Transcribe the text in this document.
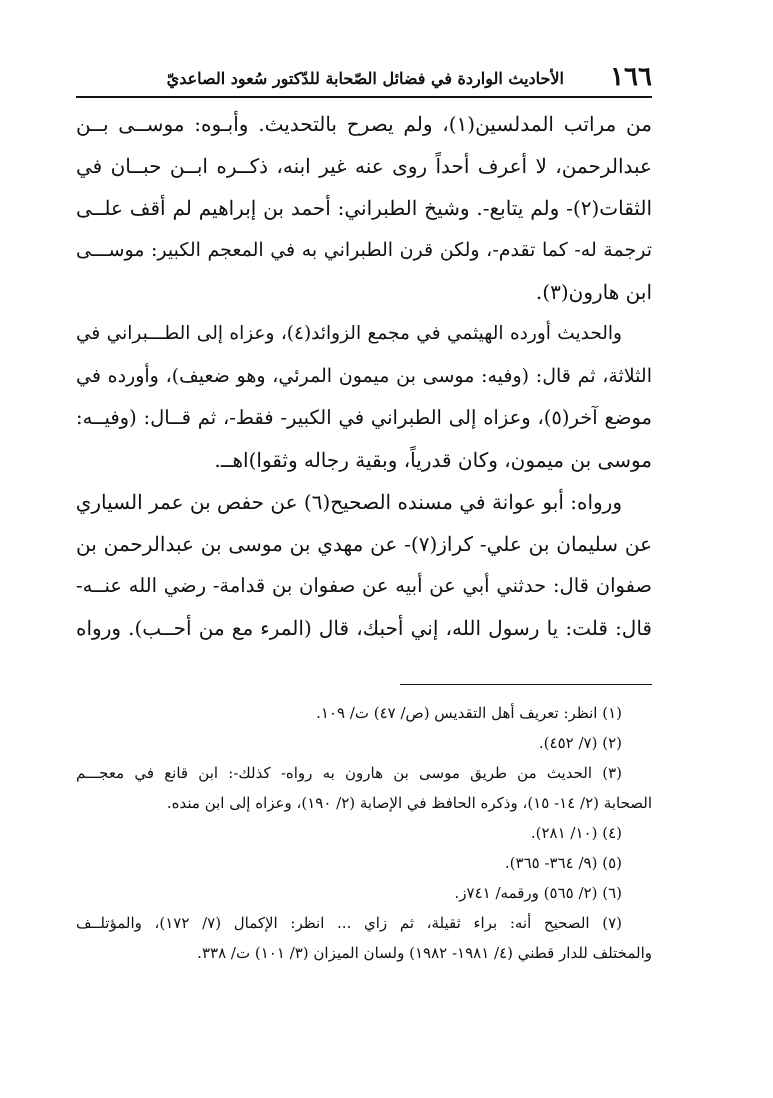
١٦٦
الأحاديث الواردة في فضائل الصّحابة للدّكتور سُعود الصاعديّ
من مراتب المدلسين(١)، ولم يصرح بالتحديث. وأبـوه: موســى بــن
عبدالرحمن، لا أعرف أحداً روى عنه غير ابنه، ذكــره ابــن حبــان في
الثقات(٢)- ولم يتابع-. وشيخ الطبراني: أحمد بن إبراهيم لم أقف علــى
ترجمة له- كما تقدم-، ولكن قرن الطبراني به في المعجم الكبير: موســـى
ابن هارون(٣).
والحديث أورده الهيثمي في مجمع الزوائد(٤)، وعزاه إلى الطـــبراني في
الثلاثة، ثم قال: (وفيه: موسى بن ميمون المرئي، وهو ضعيف)، وأورده في
موضع آخر(٥)، وعزاه إلى الطبراني في الكبير- فقط-، ثم قــال: (وفيــه:
موسى بن ميمون، وكان قدرياً، وبقية رجاله وثقوا)اهــ.
ورواه: أبو عوانة في مسنده الصحيح(٦) عن حفص بن عمر السياري
عن سليمان بن علي- كراز(٧)- عن مهدي بن موسى بن عبدالرحمن بن
صفوان قال: حدثني أبي عن أبيه عن صفوان بن قدامة- رضي الله عنــه-
قال: قلت: يا رسول الله، إني أحبك، قال (المرء مع من أحــب). ورواه
(١) انظر: تعريف أهل التقديس (ص/ ٤٧) ت/ ١٠٩.
(٢) (٧/ ٤٥٢).
(٣) الحديث من طريق موسى بن هارون به رواه- كذلك-: ابن قانع في معجـــم
الصحابة (٢/ ١٤- ١٥)، وذكره الحافظ في الإصابة (٢/ ١٩٠)، وعزاه إلى ابن منده.
(٤) (١٠/ ٢٨١).
(٥) (٩/ ٣٦٤- ٣٦٥).
(٦) (٢/ ٥٦٥) ورقمه/ ٧٤١ز.
(٧) الصحيح أنه: براء ثقيلة، ثم زاي ... انظر: الإكمال (٧/ ١٧٢)، والمؤتلــف
والمختلف للدار قطني (٤/ ١٩٨١- ١٩٨٢) ولسان الميزان (٣/ ١٠١) ت/ ٣٣٨.
